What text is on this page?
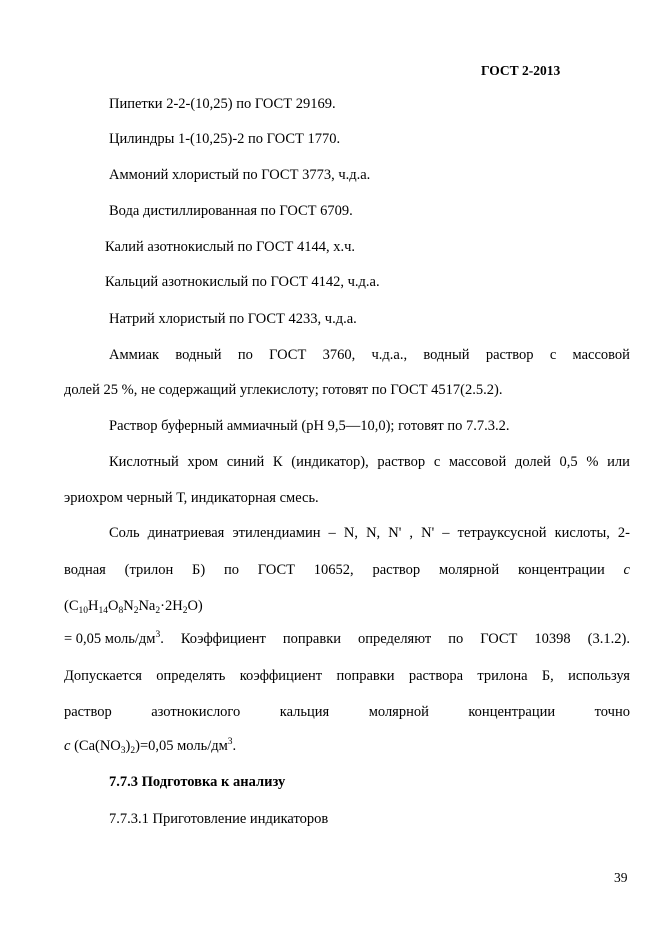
ГОСТ 2-2013
Пипетки 2-2-(10,25) по ГОСТ 29169.
Цилиндры 1-(10,25)-2 по ГОСТ 1770.
Аммоний хлористый по ГОСТ 3773, ч.д.а.
Вода дистиллированная по ГОСТ 6709.
Калий азотнокислый по ГОСТ 4144, х.ч.
Кальций азотнокислый по ГОСТ 4142, ч.д.а.
Натрий хлористый по ГОСТ 4233, ч.д.а.
Аммиак водный по ГОСТ 3760, ч.д.а., водный раствор с массовой
долей 25 %, не содержащий углекислоту; готовят по ГОСТ 4517(2.5.2).
Раствор буферный аммиачный (рН 9,5—10,0); готовят по 7.7.3.2.
Кислотный хром синий К (индикатор), раствор с массовой долей 0,5 % или
эриохром черный Т, индикаторная смесь.
Соль динатриевая этилендиамин – N, N, N' , N' – тетрауксусной кислоты, 2-
водная (трилон Б) по ГОСТ 10652, раствор молярной концентрации c
$(C_{10}H_{14}O_8N_2Na_2\cdot 2H_2O)$
= 0,05 моль/$дм^3$. Коэффициент поправки определяют по ГОСТ 10398 (3.1.2).
Допускается определять коэффициент поправки раствора трилона Б, используя
раствор	азотнокислого	кальция	молярной	концентрации	точно
c $(Ca(NO_3)_2)=0,05$ моль/$дм^3$.
7.7.3 Подготовка к анализу
7.7.3.1 Приготовление индикаторов
39
